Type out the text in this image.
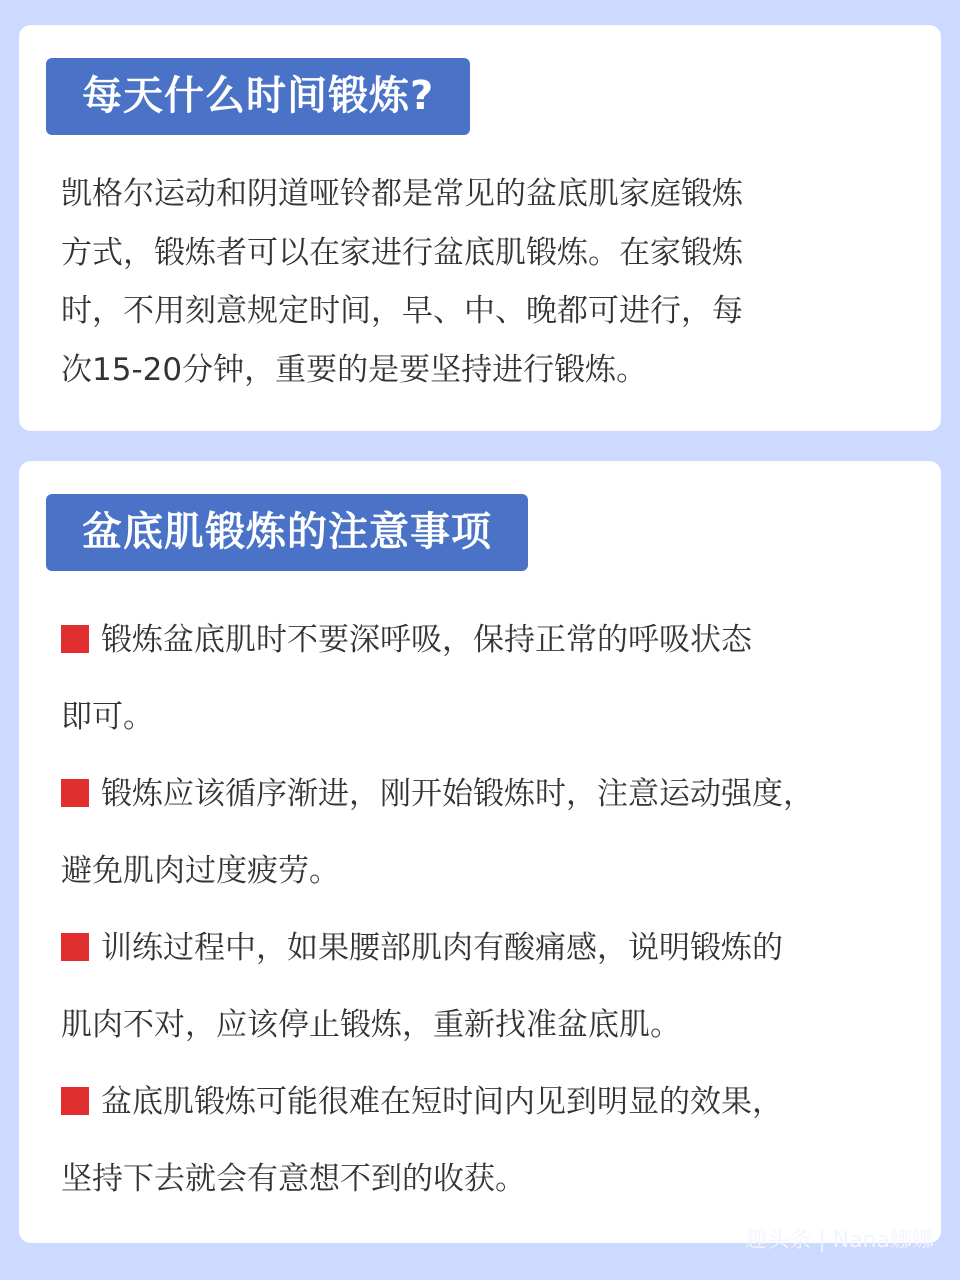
每天什么时间锻炼?

凯格尔运动和阴道哑铃都是常见的盆底肌家庭锻炼
方式，锻炼者可以在家进行盆底肌锻炼。在家锻炼
时，不用刻意规定时间，早、中、晚都可进行，每
次15-20分钟，重要的是要坚持进行锻炼。

盆底肌锻炼的注意事项
锻炼盆底肌时不要深呼吸，保持正常的呼吸状态
即可。
锻炼应该循序渐进，刚开始锻炼时，注意运动强度，
避免肌肉过度疲劳。
训练过程中，如果腰部肌肉有酸痛感，说明锻炼的
肌肉不对，应该停止锻炼，重新找准盆底肌。
盆底肌锻炼可能很难在短时间内见到明显的效果，
坚持下去就会有意想不到的收获。
趣头条 | Nana娜娜
